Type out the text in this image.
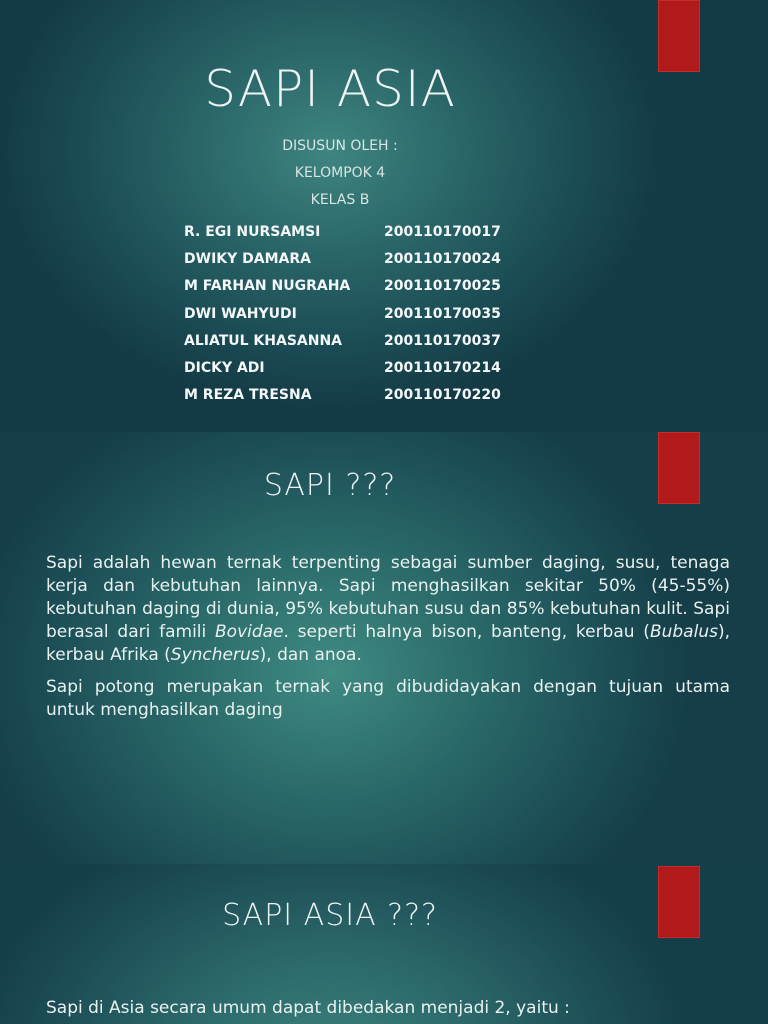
SAPI ASIA
DISUSUN OLEH :
KELOMPOK 4
KELAS B
R. EGI NURSAMSI	200110170017
DWIKY DAMARA	200110170024
M FARHAN NUGRAHA	200110170025
DWI WAHYUDI	200110170035
ALIATUL KHASANNA	200110170037
DICKY ADI	200110170214
M REZA TRESNA	200110170220
SAPI ???

Sapi adalah hewan ternak terpenting sebagai sumber daging, susu, tenaga kerja dan kebutuhan lainnya. Sapi menghasilkan sekitar 50% (45-55%) kebutuhan daging di dunia, 95% kebutuhan susu dan 85% kebutuhan kulit. Sapi berasal dari famili Bovidae. seperti halnya bison, banteng, kerbau (Bubalus), kerbau Afrika (Syncherus), dan anoa.

Sapi potong merupakan ternak yang dibudidayakan dengan tujuan utama untuk menghasilkan daging

SAPI ASIA ???

Sapi di Asia secara umum dapat dibedakan menjadi 2, yaitu :
